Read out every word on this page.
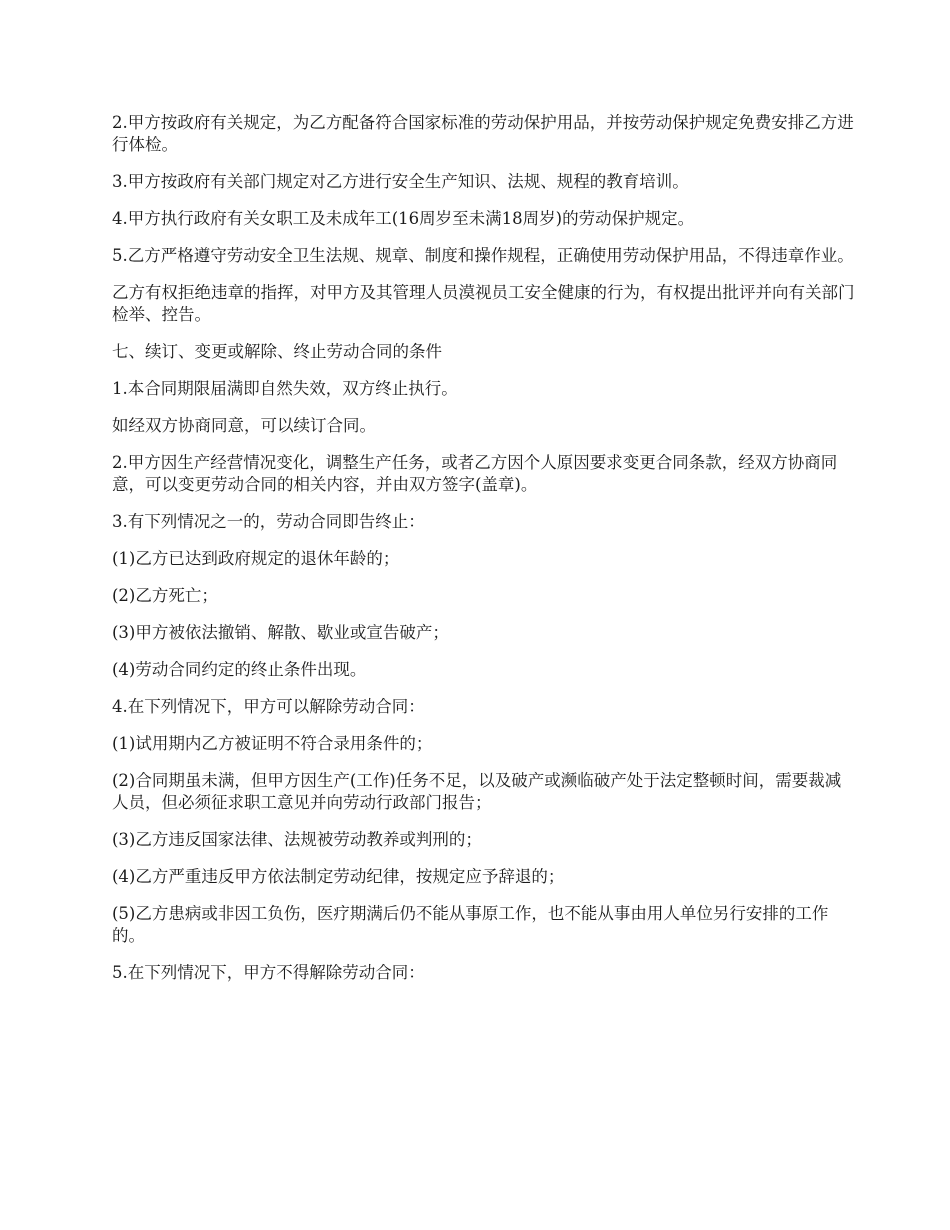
2.甲方按政府有关规定，为乙方配备符合国家标准的劳动保护用品，并按劳动保护规定免费安排乙方进行体检。

3.甲方按政府有关部门规定对乙方进行安全生产知识、法规、规程的教育培训。

4.甲方执行政府有关女职工及未成年工(16周岁至未满18周岁)的劳动保护规定。

5.乙方严格遵守劳动安全卫生法规、规章、制度和操作规程，正确使用劳动保护用品，不得违章作业。

乙方有权拒绝违章的指挥，对甲方及其管理人员漠视员工安全健康的行为，有权提出批评并向有关部门检举、控告。

七、续订、变更或解除、终止劳动合同的条件

1.本合同期限届满即自然失效，双方终止执行。

如经双方协商同意，可以续订合同。

2.甲方因生产经营情况变化，调整生产任务，或者乙方因个人原因要求变更合同条款，经双方协商同意，可以变更劳动合同的相关内容，并由双方签字(盖章)。

3.有下列情况之一的，劳动合同即告终止：

(1)乙方已达到政府规定的退休年龄的；

(2)乙方死亡；

(3)甲方被依法撤销、解散、歇业或宣告破产；

(4)劳动合同约定的终止条件出现。

4.在下列情况下，甲方可以解除劳动合同：

(1)试用期内乙方被证明不符合录用条件的；

(2)合同期虽未满，但甲方因生产(工作)任务不足，以及破产或濒临破产处于法定整顿时间，需要裁减人员，但必须征求职工意见并向劳动行政部门报告；

(3)乙方违反国家法律、法规被劳动教养或判刑的；

(4)乙方严重违反甲方依法制定劳动纪律，按规定应予辞退的；

(5)乙方患病或非因工负伤，医疗期满后仍不能从事原工作，也不能从事由用人单位另行安排的工作的。

5.在下列情况下，甲方不得解除劳动合同：
